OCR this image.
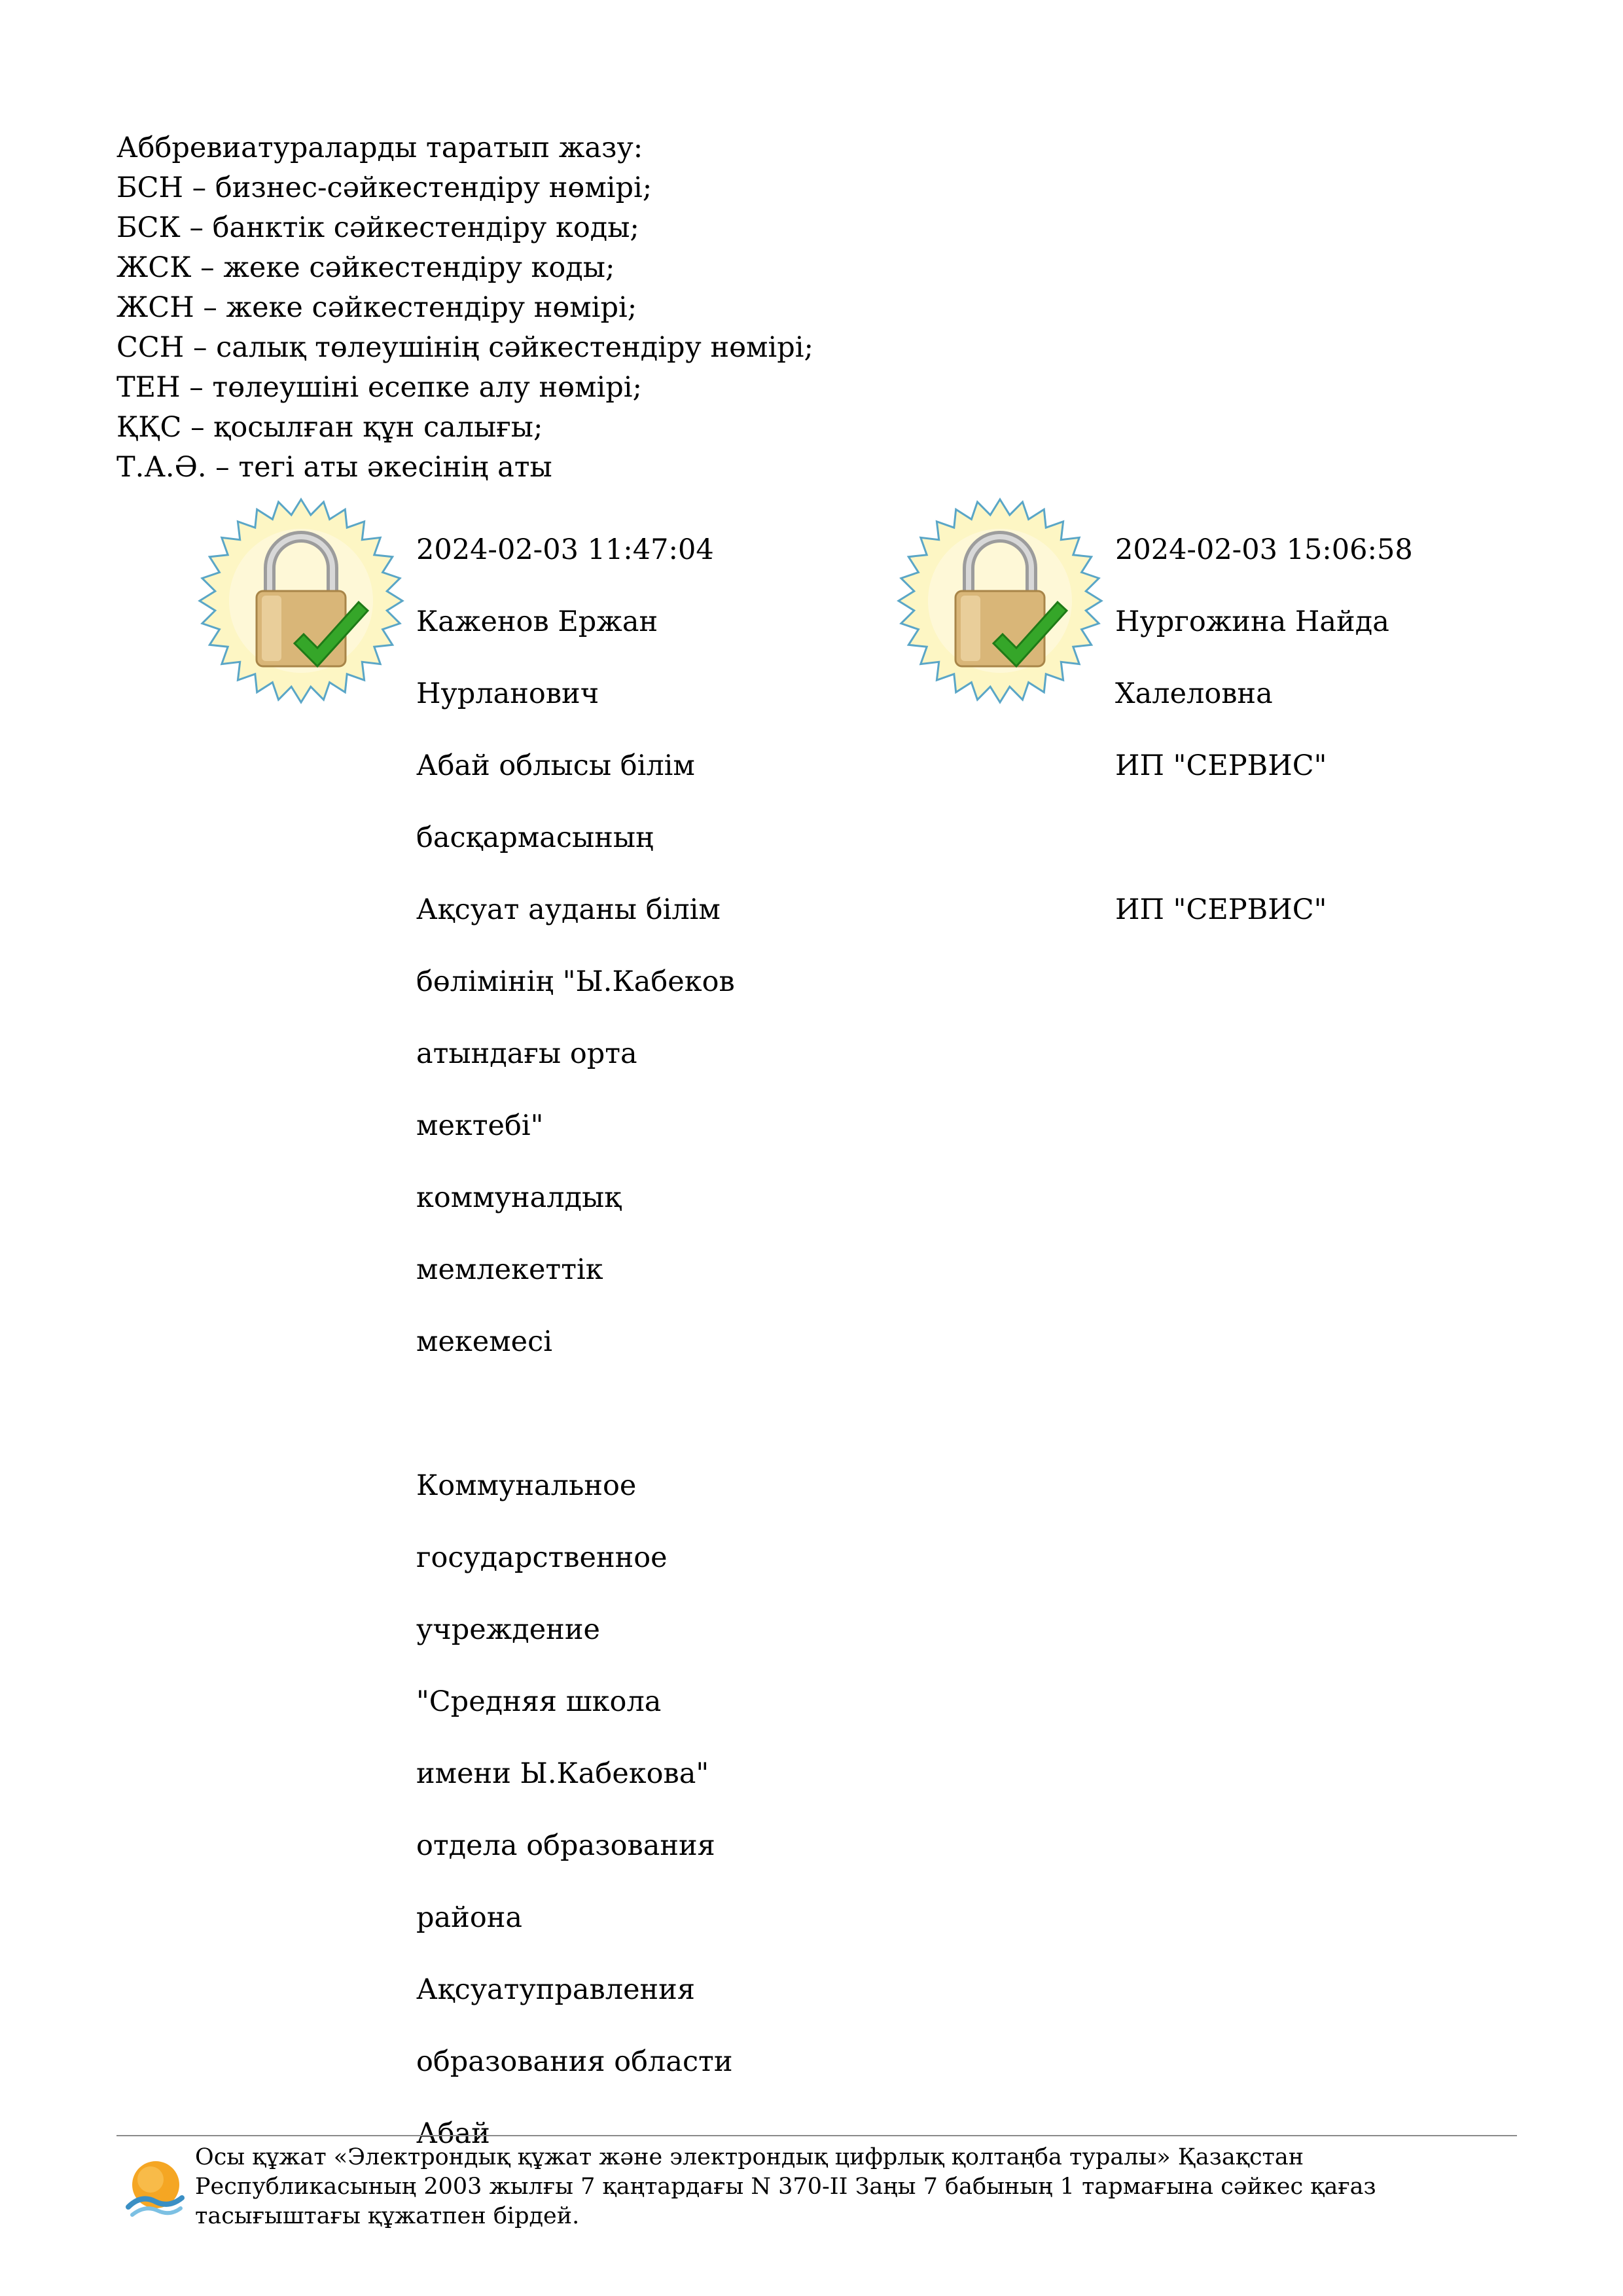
Аббревиатураларды таратып жазу:
БСН – бизнес-сәйкестендіру нөмірі;
БСК – банктік сәйкестендіру коды;
ЖСК – жеке сәйкестендіру коды;
ЖСН – жеке сәйкестендіру нөмірі;
ССН – салық төлеушінің сәйкестендіру нөмірі;
ТЕН – төлеушіні есепке алу нөмірі;
ҚҚС – қосылған құн салығы;
Т.А.Ә. – тегі аты әкесінің аты

2024-02-03 11:47:04

Каженов Ержан

Нурланович

Абай облысы білім

басқармасының

Ақсуат ауданы білім

бөлімінің "Ы.Кабеков

атындағы орта

мектебі"

коммуналдық

мемлекеттік

мекемесі

Коммунальное

государственное

учреждение

"Средняя школа

имени Ы.Кабекова"

отдела образования

района

Ақсуатуправления

образования области

Абай

2024-02-03 15:06:58

Нургожина Найда

Халеловна

ИП "СЕРВИС"

ИП "СЕРВИС"

Осы құжат «Электрондық құжат және электрондық цифрлық қолтаңба туралы» Қазақстан
Республикасының 2003 жылғы 7 қаңтардағы N 370-II Заңы 7 бабының 1 тармағына сәйкес қағаз
тасығыштағы құжатпен бірдей.
